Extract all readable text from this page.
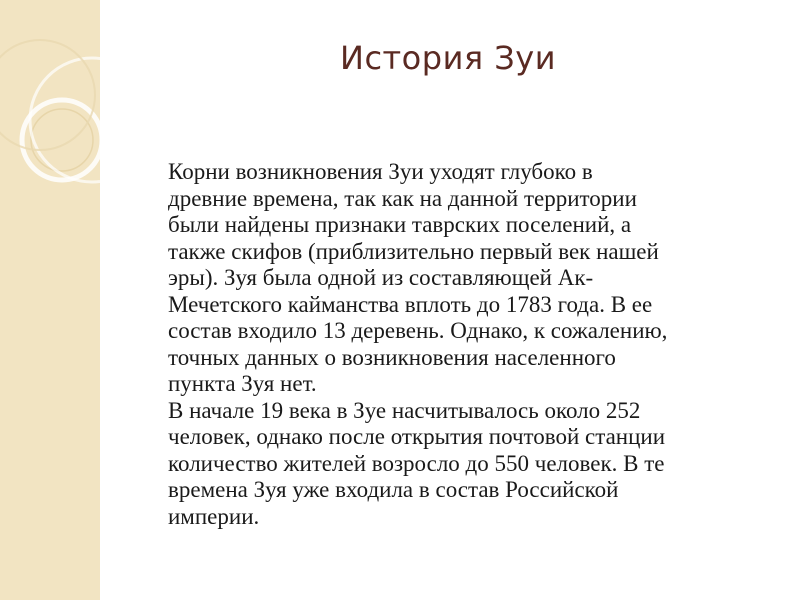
История Зуи
Корни возникновения Зуи уходят глубоко в
древние времена, так как на данной территории
были найдены признаки таврских поселений, а
также скифов (приблизительно первый век нашей
эры). Зуя была одной из составляющей Ак-
Мечетского кайманства вплоть до 1783 года. В ее
состав входило 13 деревень. Однако, к сожалению,
точных данных о возникновения населенного
пункта Зуя нет.
В начале 19 века в Зуе насчитывалось около 252
человек, однако после открытия почтовой станции
количество жителей возросло до 550 человек. В те
времена Зуя уже входила в состав Российской
империи.
